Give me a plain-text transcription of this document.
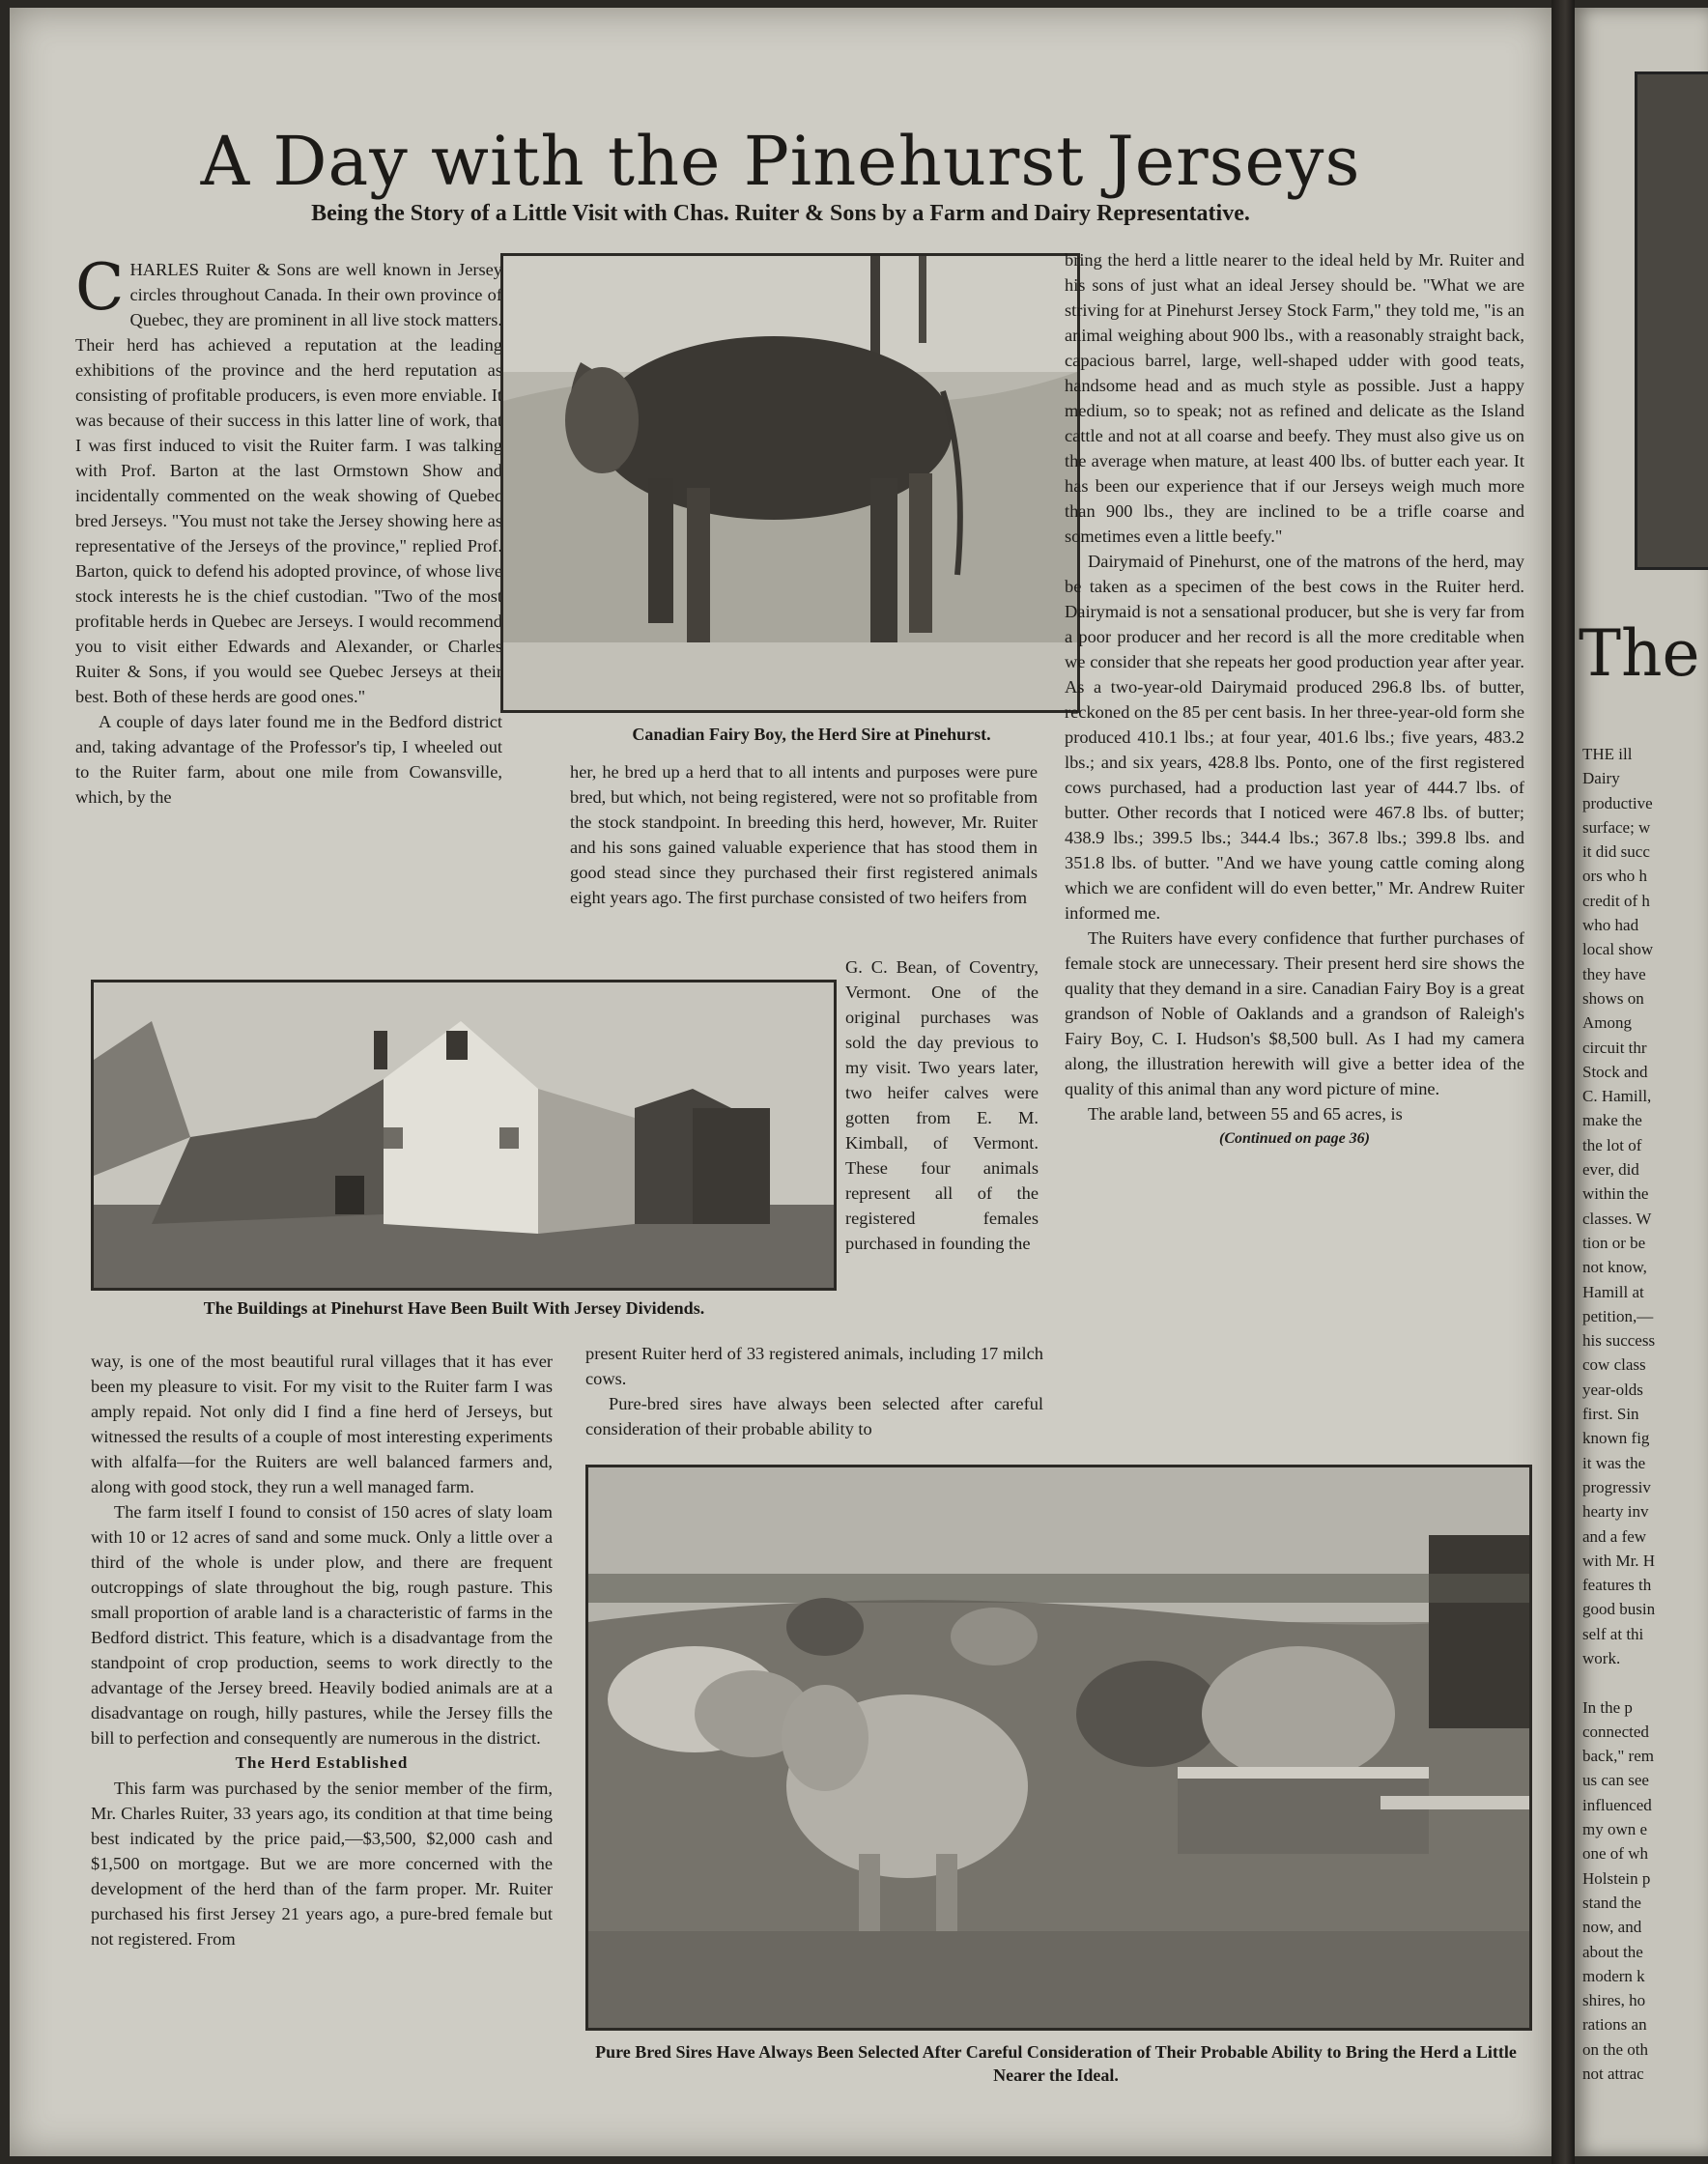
A Day with the Pinehurst Jerseys
Being the Story of a Little Visit with Chas. Ruiter & Sons by a Farm and Dairy Representative.

CHARLES Ruiter & Sons are well known in Jersey circles throughout Canada. In their own province of Quebec, they are prominent in all live stock matters. Their herd has achieved a reputation at the leading exhibitions of the province and the herd reputation as consisting of profitable producers, is even more enviable. It was because of their success in this latter line of work, that I was first induced to visit the Ruiter farm. I was talking with Prof. Barton at the last Ormstown Show and incidentally commented on the weak showing of Quebec bred Jerseys. "You must not take the Jersey showing here as representative of the Jerseys of the province," replied Prof. Barton, quick to defend his adopted province, of whose live stock interests he is the chief custodian. "Two of the most profitable herds in Quebec are Jerseys. I would recommend you to visit either Edwards and Alexander, or Charles Ruiter & Sons, if you would see Quebec Jerseys at their best. Both of these herds are good ones."

A couple of days later found me in the Bedford district and, taking advantage of the Professor's tip, I wheeled out to the Ruiter farm, about one mile from Cowansville, which, by the

Canadian Fairy Boy, the Herd Sire at Pinehurst.

her, he bred up a herd that to all intents and purposes were pure bred, but which, not being registered, were not so profitable from the stock standpoint. In breeding this herd, however, Mr. Ruiter and his sons gained valuable experience that has stood them in good stead since they purchased their first registered animals eight years ago. The first purchase consisted of two heifers from

G. C. Bean, of Coventry, Vermont. One of the original purchases was sold the day previous to my visit. Two years later, two heifer calves were gotten from E. M. Kimball, of Vermont. These four animals represent all of the registered females purchased in founding the

The Buildings at Pinehurst Have Been Built With Jersey Dividends.

bring the herd a little nearer to the ideal held by Mr. Ruiter and his sons of just what an ideal Jersey should be. "What we are striving for at Pinehurst Jersey Stock Farm," they told me, "is an animal weighing about 900 lbs., with a reasonably straight back, capacious barrel, large, well-shaped udder with good teats, handsome head and as much style as possible. Just a happy medium, so to speak; not as refined and delicate as the Island cattle and not at all coarse and beefy. They must also give us on the average when mature, at least 400 lbs. of butter each year. It has been our experience that if our Jerseys weigh much more than 900 lbs., they are inclined to be a trifle coarse and sometimes even a little beefy."

Dairymaid of Pinehurst, one of the matrons of the herd, may be taken as a specimen of the best cows in the Ruiter herd. Dairymaid is not a sensational producer, but she is very far from a poor producer and her record is all the more creditable when we consider that she repeats her good production year after year. As a two-year-old Dairymaid produced 296.8 lbs. of butter, reckoned on the 85 per cent basis. In her three-year-old form she produced 410.1 lbs.; at four year, 401.6 lbs.; five years, 483.2 lbs.; and six years, 428.8 lbs. Ponto, one of the first registered cows purchased, had a production last year of 444.7 lbs. of butter. Other records that I noticed were 467.8 lbs. of butter; 438.9 lbs.; 399.5 lbs.; 344.4 lbs.; 367.8 lbs.; 399.8 lbs. and 351.8 lbs. of butter. "And we have young cattle coming along which we are confident will do even better," Mr. Andrew Ruiter informed me.

The Ruiters have every confidence that further purchases of female stock are unnecessary. Their present herd sire shows the quality that they demand in a sire. Canadian Fairy Boy is a great grandson of Noble of Oaklands and a grandson of Raleigh's Fairy Boy, C. I. Hudson's $8,500 bull. As I had my camera along, the illustration herewith will give a better idea of the quality of this animal than any word picture of mine.

The arable land, between 55 and 65 acres, is

(Continued on page 36)

present Ruiter herd of 33 registered animals, including 17 milch cows.

Pure-bred sires have always been selected after careful consideration of their probable ability to

way, is one of the most beautiful rural villages that it has ever been my pleasure to visit. For my visit to the Ruiter farm I was amply repaid. Not only did I find a fine herd of Jerseys, but witnessed the results of a couple of most interesting experiments with alfalfa—for the Ruiters are well balanced farmers and, along with good stock, they run a well managed farm.

The farm itself I found to consist of 150 acres of slaty loam with 10 or 12 acres of sand and some muck. Only a little over a third of the whole is under plow, and there are frequent outcroppings of slate throughout the big, rough pasture. This small proportion of arable land is a characteristic of farms in the Bedford district. This feature, which is a disadvantage from the standpoint of crop production, seems to work directly to the advantage of the Jersey breed. Heavily bodied animals are at a disadvantage on rough, hilly pastures, while the Jersey fills the bill to perfection and consequently are numerous in the district.

The Herd Established

This farm was purchased by the senior member of the firm, Mr. Charles Ruiter, 33 years ago, its condition at that time being best indicated by the price paid,—$3,500, $2,000 cash and $1,500 on mortgage. But we are more concerned with the development of the herd than of the farm proper. Mr. Ruiter purchased his first Jersey 21 years ago, a pure-bred female but not registered. From

Pure Bred Sires Have Always Been Selected After Careful Consideration of Their Probable Ability to Bring the Herd a Little Nearer the Ideal.
The
THE ill
Dairy
productive
surface; w
it did succ
ors who h
credit of h
who had
local show
they have
shows on
Among
circuit thr
Stock and
C. Hamill,
make the
the lot of
ever, did
within the
classes. W
tion or be
not know,
Hamill at
petition,—
his success
cow class
year-olds
first. Sin
known fig
it was the
progressiv
hearty inv
and a few
with Mr. H
features th
good busin
self at thi
work.
In the p
connected
back," rem
us can see
influenced
my own e
one of wh
Holstein p
stand the
now, and
about the
modern k
shires, ho
rations an
on the oth
not attrac
